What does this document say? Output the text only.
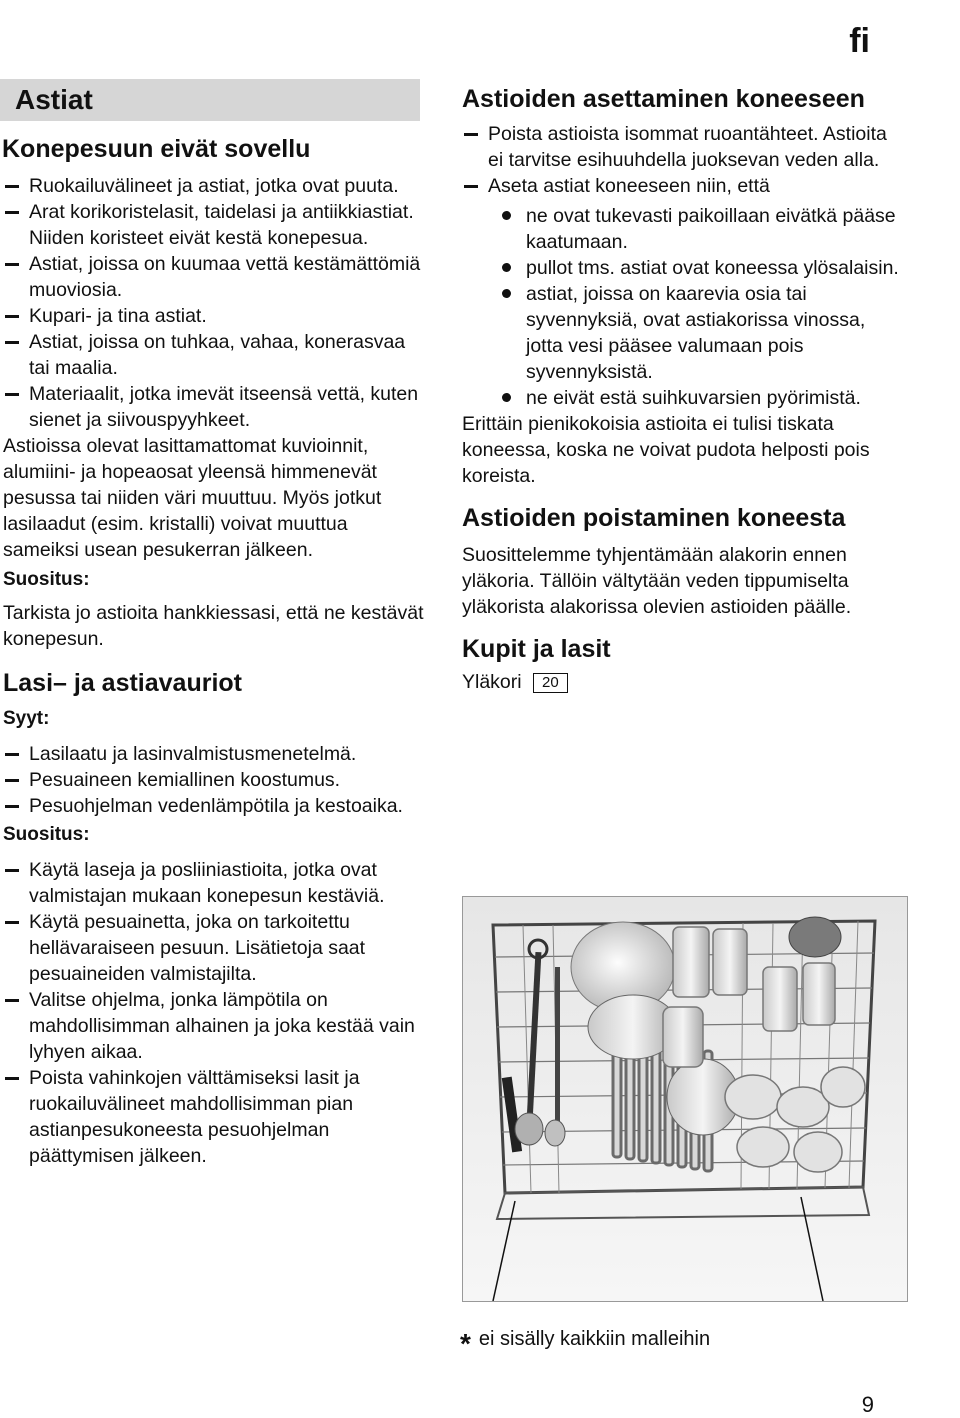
fi
Astiat
Konepesuun eivät sovellu
Ruokailuvälineet ja astiat, jotka ovat puuta.
Arat korikoristelasit, taidelasi ja antiikkiastiat. Niiden koristeet eivät kestä konepesua.
Astiat, joissa on kuumaa vettä kestämättömiä muoviosia.
Kupari- ja tina astiat.
Astiat, joissa on tuhkaa, vahaa, konerasvaa tai maalia.
Materiaalit, jotka imevät itseensä vettä, kuten sienet ja siivouspyyhkeet.

Astioissa olevat lasittamattomat kuvioinnit, alumiini- ja hopeaosat yleensä himmenevät pesussa tai niiden väri muuttuu. Myös jotkut lasilaadut (esim. kristalli) voivat muuttua sameiksi usean pesukerran jälkeen.

Suositus:

Tarkista jo astioita hankkiessasi, että ne kestävät konepesun.

Lasi– ja astiavauriot
Syyt:
Lasilaatu ja lasinvalmistusmenetelmä.
Pesuaineen kemiallinen koostumus.
Pesuohjelman vedenlämpötila ja kestoaika.
Suositus:
Käytä laseja ja posliiniastioita, jotka ovat valmistajan mukaan konepesun kestäviä.
Käytä pesuainetta, joka on tarkoitettu hellävaraiseen pesuun. Lisätietoja saat pesuaineiden valmistajilta.
Valitse ohjelma, jonka lämpötila on mahdollisimman alhainen ja joka kestää vain lyhyen aikaa.
Poista vahinkojen välttämiseksi lasit ja ruokailuvälineet mahdollisimman pian astianpesukoneesta pesuohjelman päättymisen jälkeen.
Astioiden asettaminen koneeseen
Poista astioista isommat ruoantähteet. Astioita ei tarvitse esihuuhdella juoksevan veden alla.
Aseta astiat koneeseen niin, että
ne ovat tukevasti paikoillaan eivätkä pääse kaatumaan.
pullot tms. astiat ovat koneessa ylösalaisin.
astiat, joissa on kaarevia osia tai syvennyksiä, ovat astiakorissa vinossa, jotta vesi pääsee valumaan pois syvennyksistä.
ne eivät estä suihkuvarsien pyörimistä.

Erittäin pienikokoisia astioita ei tulisi tiskata koneessa, koska ne voivat pudota helposti pois koreista.

Astioiden poistaminen koneesta

Suosittelemme tyhjentämään alakorin ennen yläkoria. Tällöin vältytään veden tippumiselta yläkorista alakorissa olevien astioiden päälle.

Kupit ja lasit
Yläkori 20
* ei sisälly kaikkiin malleihin
9
